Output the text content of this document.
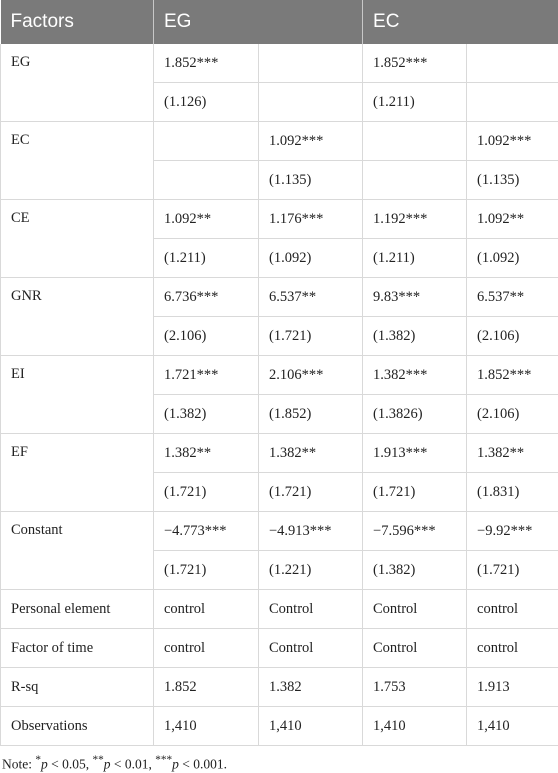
Factors	EG		EC	
EG	1.852***		1.852***	
	(1.126)		(1.211)	
EC		1.092***		1.092***
		(1.135)		(1.135)
CE	1.092**	1.176***	1.192***	1.092**
	(1.211)	(1.092)	(1.211)	(1.092)
GNR	6.736***	6.537**	9.83***	6.537**
	(2.106)	(1.721)	(1.382)	(2.106)
EI	1.721***	2.106***	1.382***	1.852***
	(1.382)	(1.852)	(1.3826)	(2.106)
EF	1.382**	1.382**	1.913***	1.382**
	(1.721)	(1.721)	(1.721)	(1.831)
Constant	−4.773***	−4.913***	−7.596***	−9.92***
	(1.721)	(1.221)	(1.382)	(1.721)
Personal element	control	Control	Control	control
Factor of time	control	Control	Control	control
R-sq	1.852	1.382	1.753	1.913
Observations	1,410	1,410	1,410	1,410
Note: *p < 0.05, **p < 0.01, ***p < 0.001.
